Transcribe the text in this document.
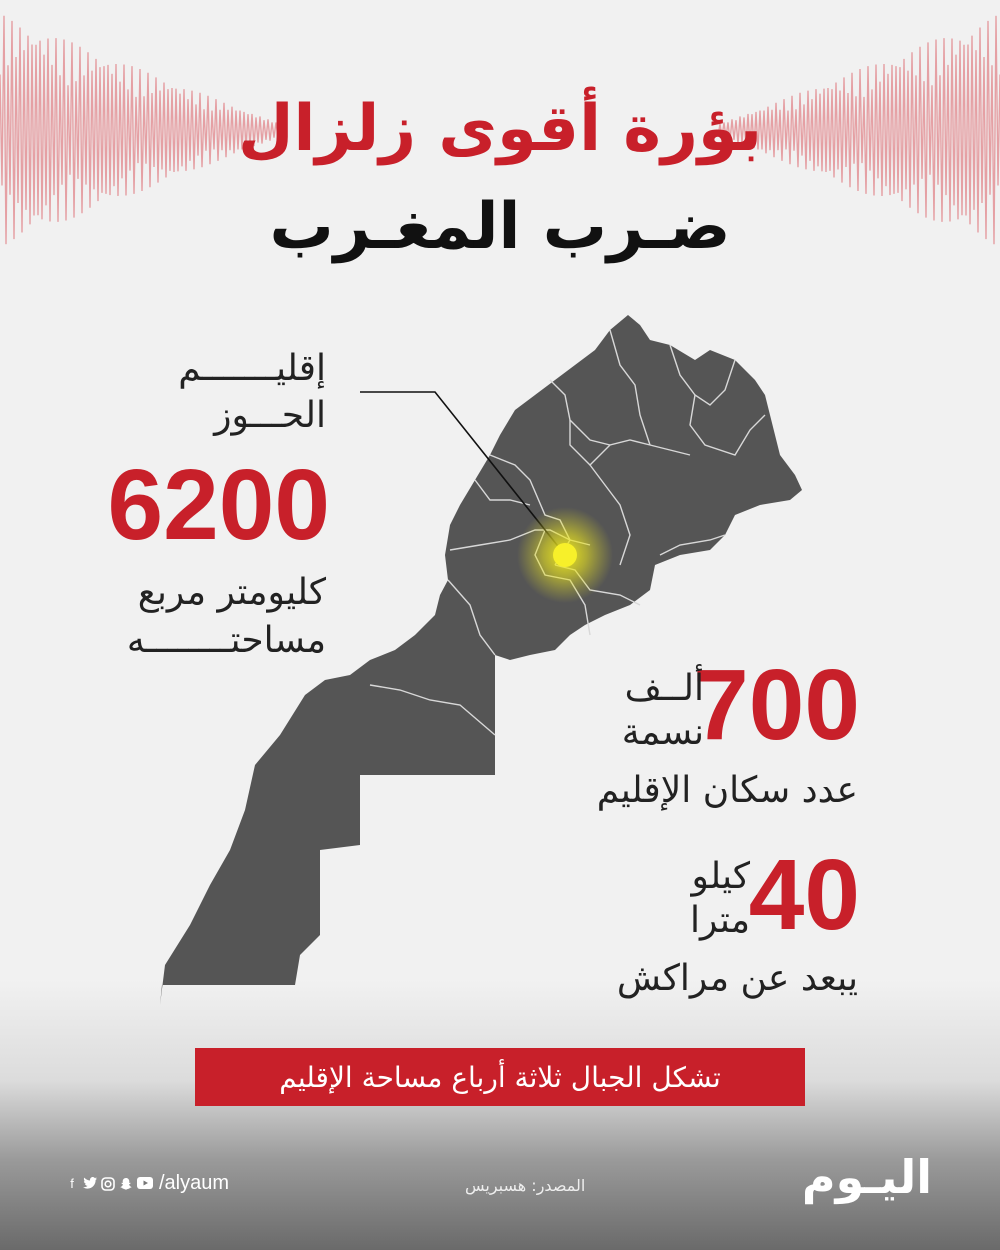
بؤرة أقوى زلزال
ضـرب المغـرب
إقليـــــــم
الحـــوز
6200
كليومتر مربع
مساحتــــــــه
700
ألــف
نسمة
عدد سكان الإقليم
40
كيلو
مترا
يبعد عن مراكش
تشكل الجبال ثلاثة أرباع مساحة الإقليم
f	/alyaum	المصدر: هسبريس	اليـوم
